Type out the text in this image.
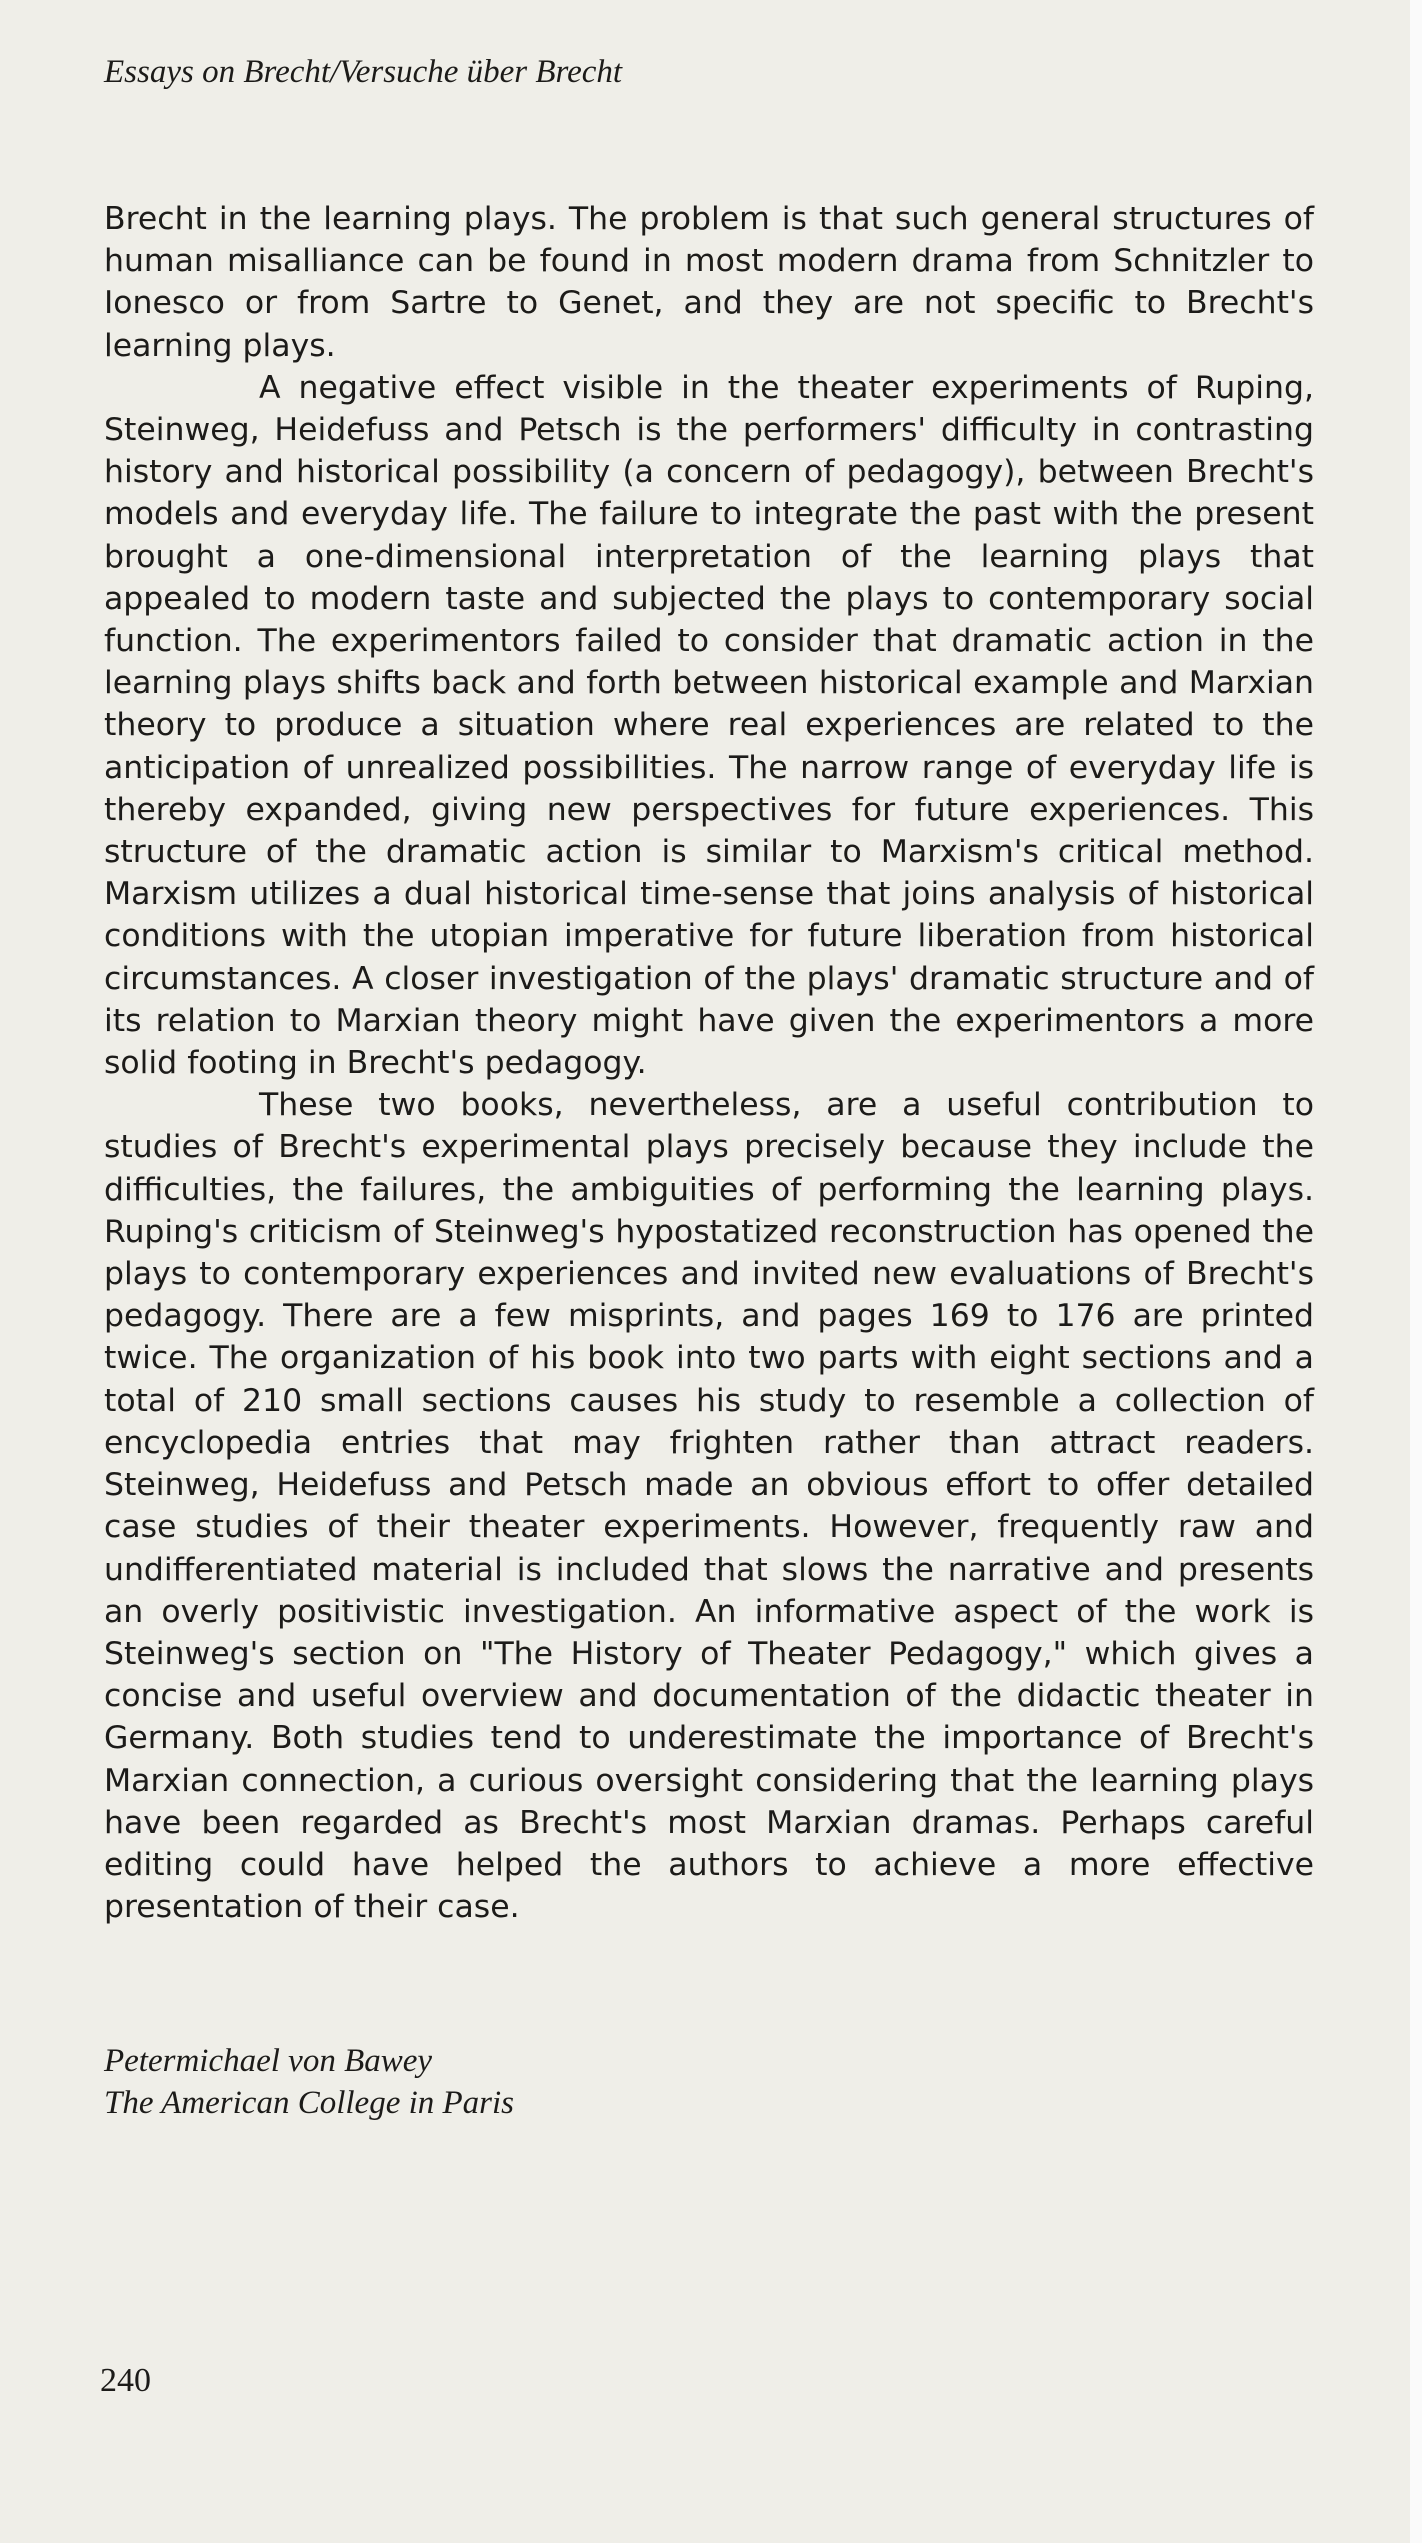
Essays on Brecht/Versuche über Brecht

Brecht in the learning plays. The problem is that such general structures of human misalliance can be found in most modern drama from Schnitzler to Ionesco or from Sartre to Genet, and they are not specific to Brecht's learning plays.

A negative effect visible in the theater experiments of Ruping, Steinweg, Heidefuss and Petsch is the performers' difficulty in contrasting history and historical possibility (a concern of pedagogy), between Brecht's models and everyday life. The failure to integrate the past with the present brought a one-dimensional interpretation of the learning plays that appealed to modern taste and subjected the plays to contemporary social function. The experimentors failed to consider that dramatic action in the learning plays shifts back and forth between historical example and Marxian theory to produce a situation where real experiences are related to the anticipation of unrealized possibilities. The narrow range of everyday life is thereby expanded, giving new perspectives for future experiences. This structure of the dramatic action is similar to Marxism's critical method. Marxism utilizes a dual historical time-sense that joins analysis of historical conditions with the utopian imperative for future liberation from historical circumstances. A closer investigation of the plays' dramatic structure and of its relation to Marxian theory might have given the experimentors a more solid footing in Brecht's pedagogy.

These two books, nevertheless, are a useful contribution to studies of Brecht's experimental plays precisely because they include the difficulties, the failures, the ambiguities of performing the learning plays. Ruping's criticism of Steinweg's hypostatized reconstruction has opened the plays to contemporary experiences and invited new evaluations of Brecht's pedagogy. There are a few misprints, and pages 169 to 176 are printed twice. The organization of his book into two parts with eight sections and a total of 210 small sections causes his study to resemble a collection of encyclopedia entries that may frighten rather than attract readers. Steinweg, Heidefuss and Petsch made an obvious effort to offer detailed case studies of their theater experiments. However, frequently raw and undifferentiated material is included that slows the narrative and presents an overly positivistic investigation. An informative aspect of the work is Steinweg's section on "The History of Theater Pedagogy," which gives a concise and useful overview and documentation of the didactic theater in Germany. Both studies tend to underestimate the importance of Brecht's Marxian connection, a curious oversight considering that the learning plays have been regarded as Brecht's most Marxian dramas. Perhaps careful editing could have helped the authors to achieve a more effective presentation of their case.

Petermichael von Bawey
The American College in Paris
240
